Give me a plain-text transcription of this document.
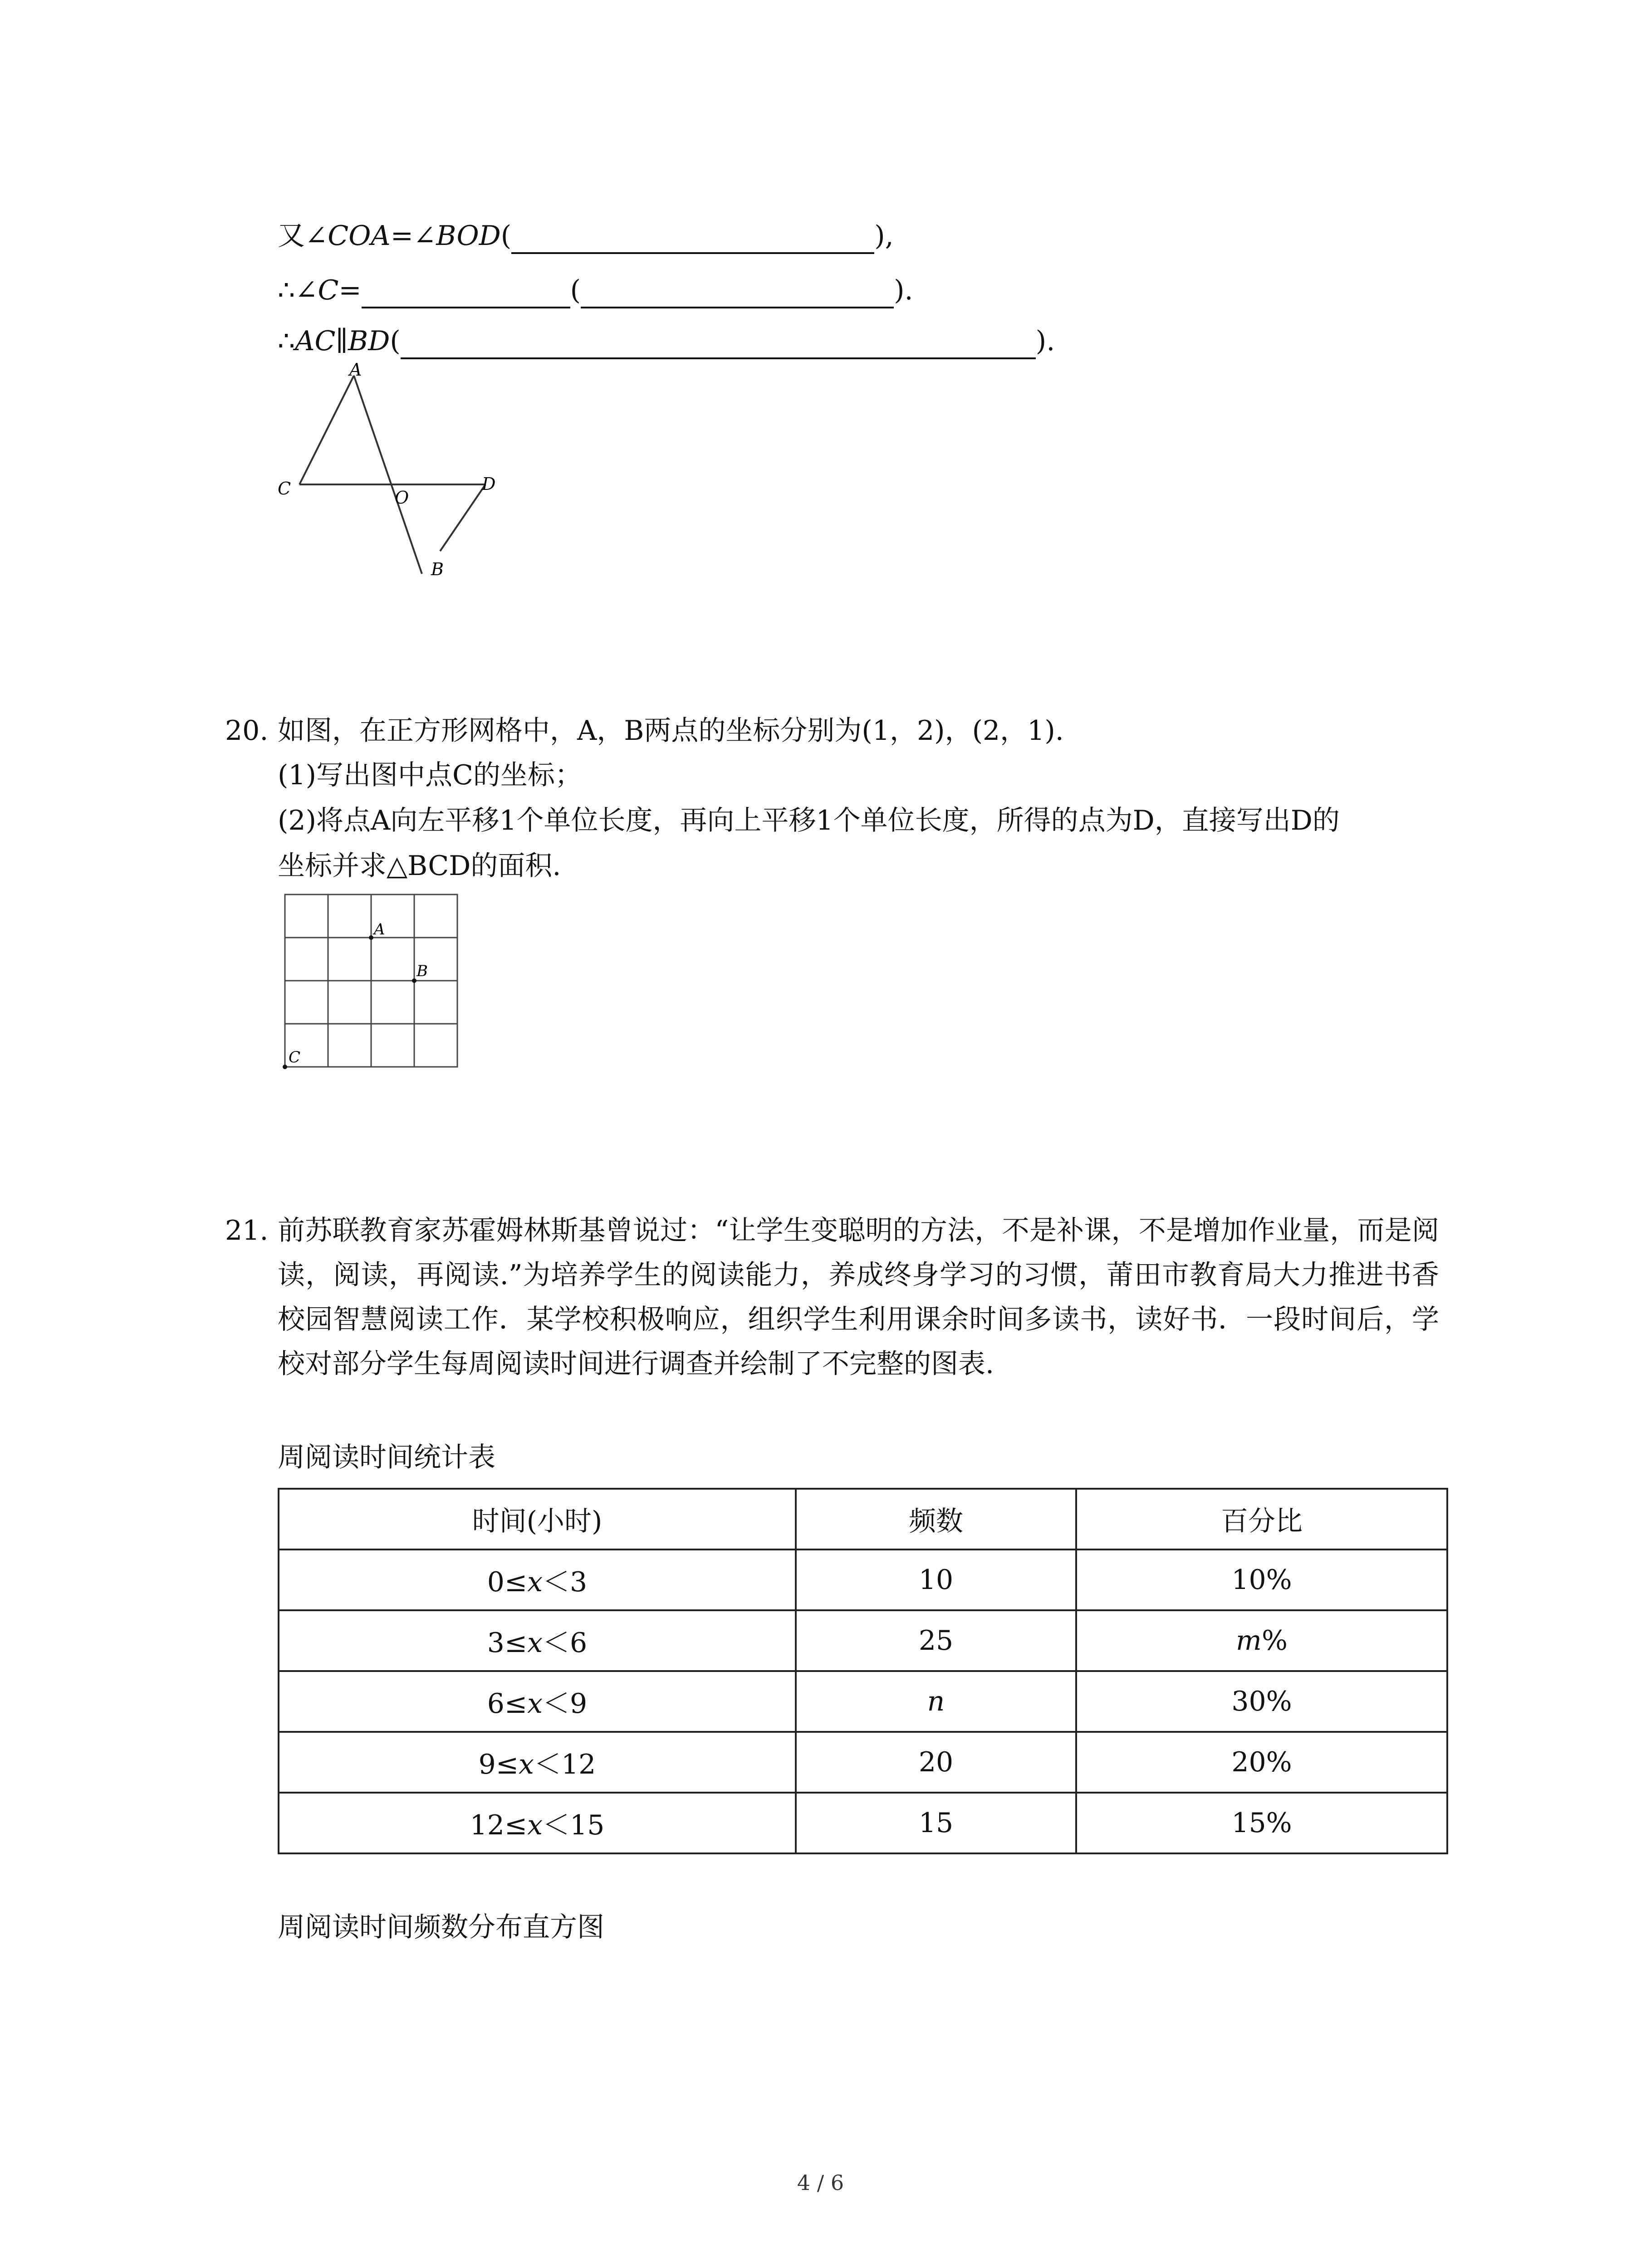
又∠COA=∠BOD(	),
∴∠C=	(	).
∴AC∥BD(	).
A
C	O
D
B
20. 如图，在正方形网格中，A，B两点的坐标分别为(1，2)，(2，1).
(1)写出图中点C的坐标；
(2)将点A向左平移1个单位长度，再向上平移1个单位长度，所得的点为D，直接写出D的
坐标并求△BCD的面积.
A
B
C
21. 前苏联教育家苏霍姆林斯基曾说过：“让学生变聪明的方法，不是补课，不是增加作业量，而是阅读，阅读，再阅读.”为培养学生的阅读能力，养成终身学习的习惯，莆田市教育局大力推进书香校园智慧阅读工作．某学校积极响应，组织学生利用课余时间多读书，读好书．一段时间后，学校对部分学生每周阅读时间进行调查并绘制了不完整的图表.
周阅读时间统计表
时间(小时)	频数	百分比
0≤x＜3	10	10%
3≤x＜6	25	m%
6≤x＜9	n	30%
9≤x＜12	20	20%
12≤x＜15	15	15%
周阅读时间频数分布直方图
4 / 6
